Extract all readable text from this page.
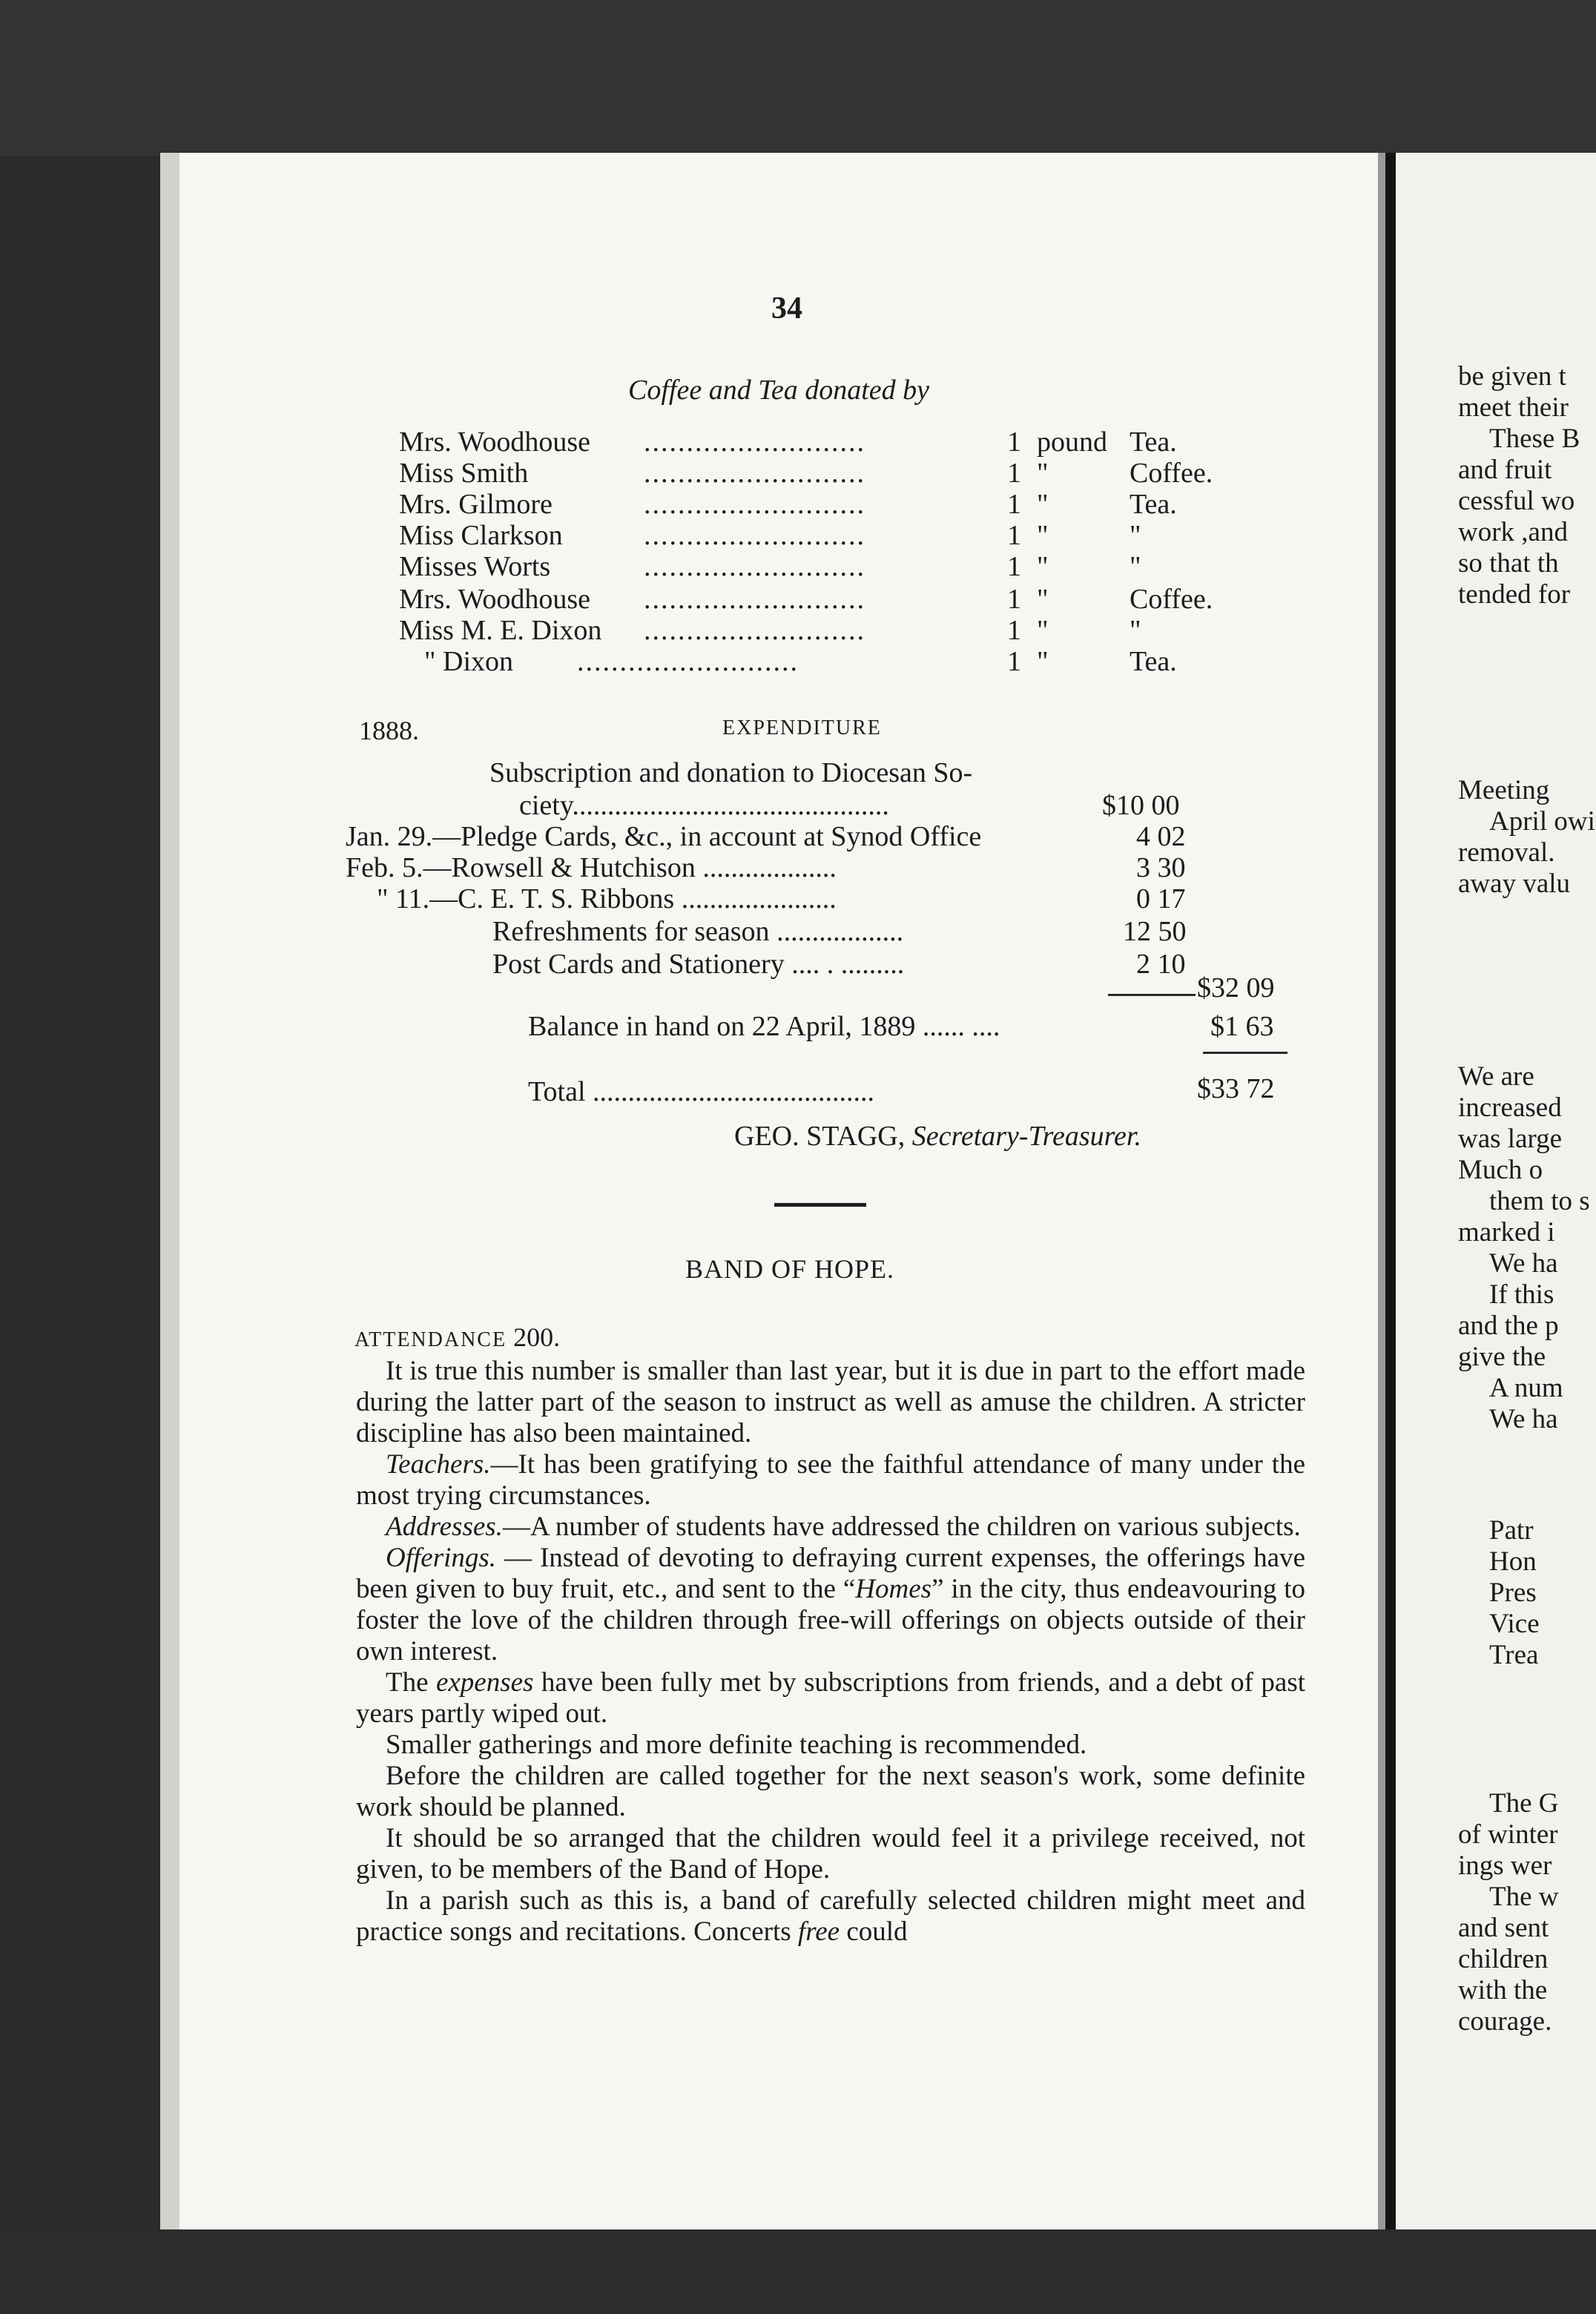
34
Coffee and Tea donated by
Mrs. Woodhouse ..........................	1 pound Tea.
Miss Smith	..........................	1 "	Coffee.
Mrs. Gilmore	..........................	1 "	Tea.
Miss Clarkson	..........................	1 "	"
Misses Worts	..........................	1 "	"
Mrs. Woodhouse ..........................	1 "	Coffee.
Miss M. E. Dixon ..........................	1 "	"
" Dixon ..........................	1 "	Tea.
1888.	EXPENDITURE
Subscription and donation to Diocesan So-
ciety.............................................	$10 00
Jan. 29.—Pledge Cards, &c., in account at Synod Office	4 02
Feb. 5.—Rowsell & Hutchison ...................	3 30
" 11.—C. E. T. S. Ribbons ......................	0 17
Refreshments for season ..................	12 50
Post Cards and Stationery .... . .........	2 10
$32 09
Balance in hand on 22 April, 1889 ...... ....	$1 63
Total ........................................	$33 72
GEO. STAGG, Secretary-Treasurer.
BAND OF HOPE.
ATTENDANCE 200.

It is true this number is smaller than last year, but it is due in part to the effort made during the latter part of the season to instruct as well as amuse the children. A stricter discipline has also been maintained.

Teachers.—It has been gratifying to see the faithful attendance of many under the most trying circumstances.

Addresses.—A number of students have addressed the children on various subjects.

Offerings. — Instead of devoting to defraying current expenses, the offerings have been given to buy fruit, etc., and sent to the “Homes” in the city, thus endeavouring to foster the love of the children through free-will offerings on objects outside of their own interest.

The expenses have been fully met by subscriptions from friends, and a debt of past years partly wiped out.

Smaller gatherings and more definite teaching is recommended.

Before the children are called together for the next season's work, some definite work should be planned.

It should be so arranged that the children would feel it a privilege received, not given, to be members of the Band of Hope.

In a parish such as this is, a band of carefully selected children might meet and practice songs and recitations. Concerts free could

be given t
meet their
These B
and fruit
cessful wo
work ,and
so that th
tended for
Meeting
April owi
removal.
away valu
We are
increased
was large
Much o
them to s
marked i
We ha
If this
and the p
give the
A num
We ha
Patr
Hon
Pres
Vice
Trea
The G
of winter
ings wer
The w
and sent
children
with the
courage.
